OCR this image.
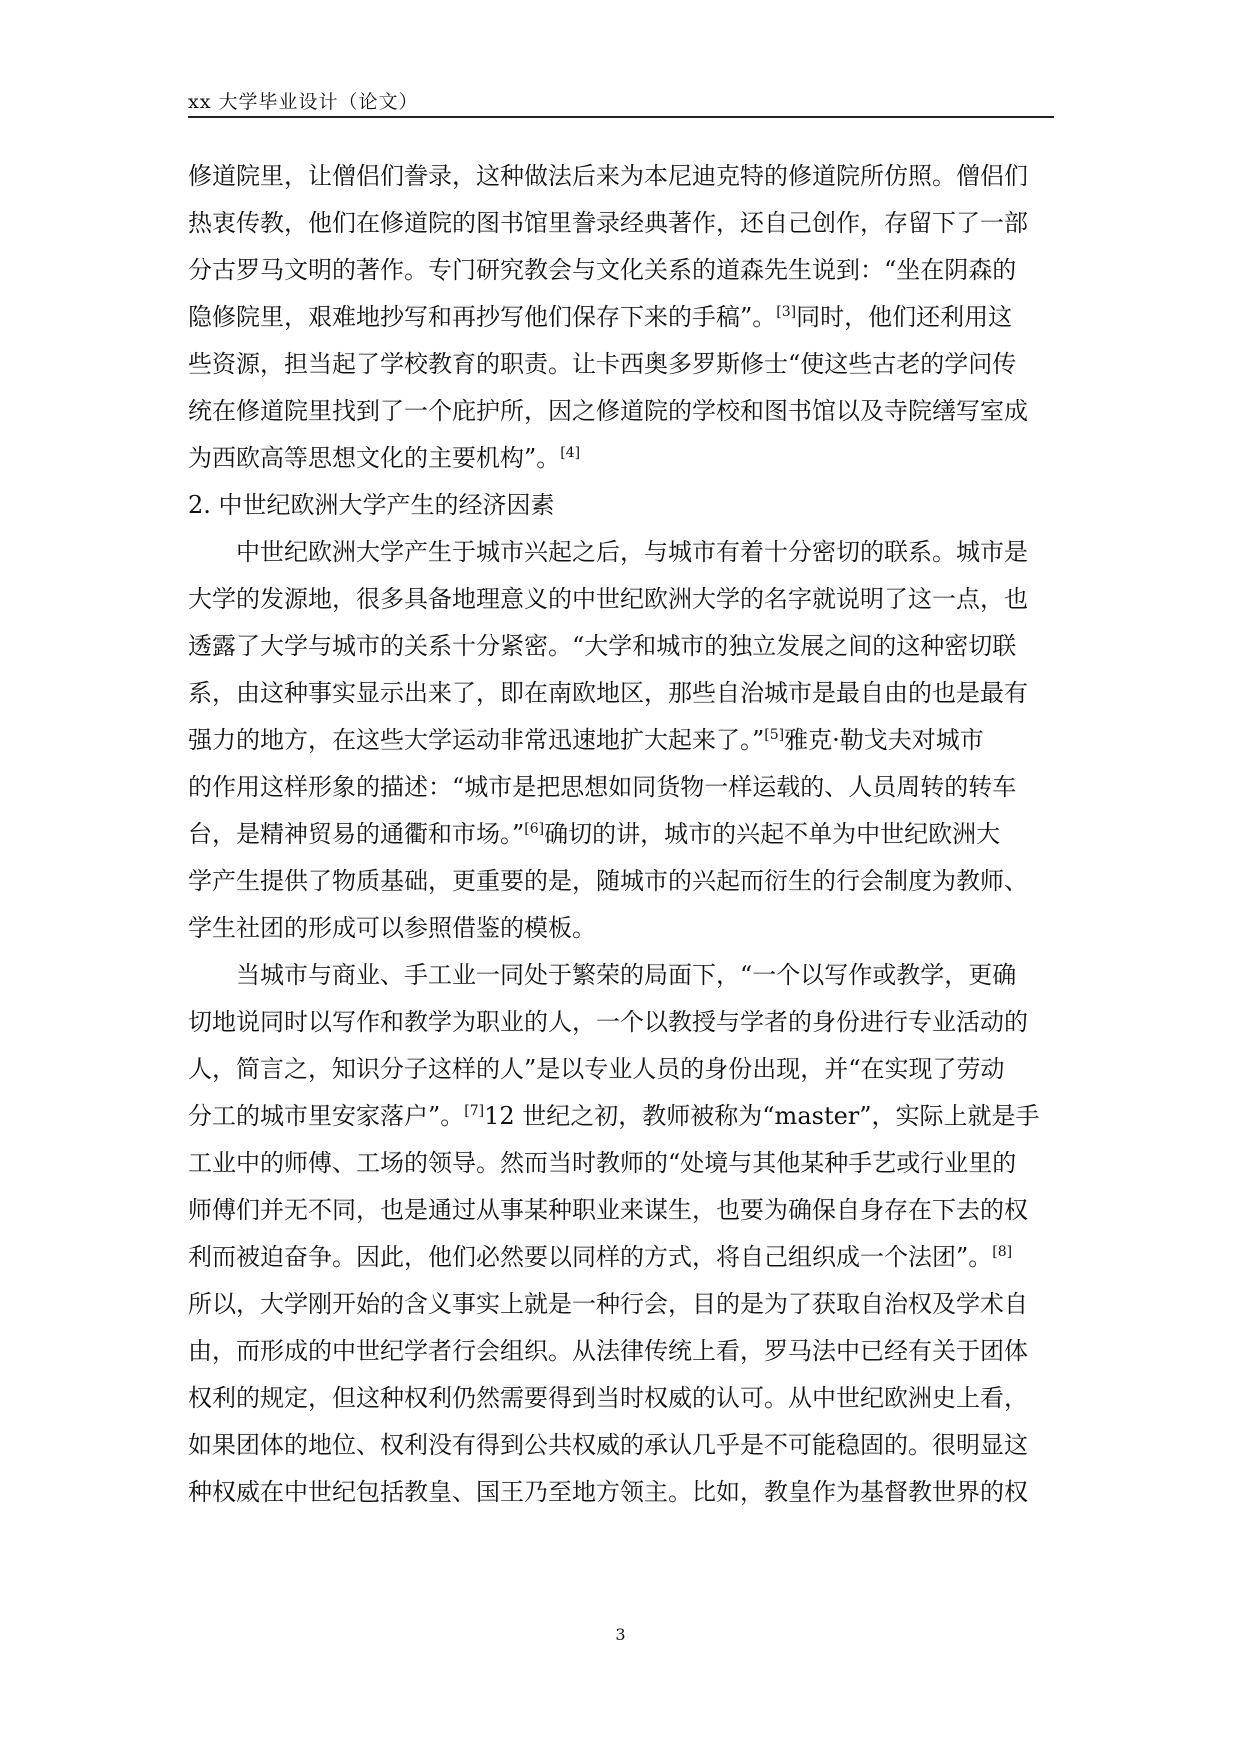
xx 大学毕业设计（论文）
修道院里，让僧侣们誊录，这种做法后来为本尼迪克特的修道院所仿照。僧侣们
热衷传教，他们在修道院的图书馆里誊录经典著作，还自己创作，存留下了一部
分古罗马文明的著作。专门研究教会与文化关系的道森先生说到：“坐在阴森的
隐修院里，艰难地抄写和再抄写他们保存下来的手稿”。[3]同时，他们还利用这
些资源，担当起了学校教育的职责。让卡西奥多罗斯修士“使这些古老的学问传
统在修道院里找到了一个庇护所，因之修道院的学校和图书馆以及寺院缮写室成
为西欧高等思想文化的主要机构”。[4]
2. 中世纪欧洲大学产生的经济因素
中世纪欧洲大学产生于城市兴起之后，与城市有着十分密切的联系。城市是
大学的发源地，很多具备地理意义的中世纪欧洲大学的名字就说明了这一点，也
透露了大学与城市的关系十分紧密。“大学和城市的独立发展之间的这种密切联
系，由这种事实显示出来了，即在南欧地区，那些自治城市是最自由的也是最有
强力的地方，在这些大学运动非常迅速地扩大起来了。”[5]雅克·勒戈夫对城市
的作用这样形象的描述：“城市是把思想如同货物一样运载的、人员周转的转车
台，是精神贸易的通衢和市场。”[6]确切的讲，城市的兴起不单为中世纪欧洲大
学产生提供了物质基础，更重要的是，随城市的兴起而衍生的行会制度为教师、
学生社团的形成可以参照借鉴的模板。
当城市与商业、手工业一同处于繁荣的局面下，“一个以写作或教学，更确
切地说同时以写作和教学为职业的人，一个以教授与学者的身份进行专业活动的
人，简言之，知识分子这样的人”是以专业人员的身份出现，并“在实现了劳动
分工的城市里安家落户”。[7]12 世纪之初，教师被称为“master”，实际上就是手
工业中的师傅、工场的领导。然而当时教师的“处境与其他某种手艺或行业里的
师傅们并无不同，也是通过从事某种职业来谋生，也要为确保自身存在下去的权
利而被迫奋争。因此，他们必然要以同样的方式，将自己组织成一个法团”。[8]
所以，大学刚开始的含义事实上就是一种行会，目的是为了获取自治权及学术自
由，而形成的中世纪学者行会组织。从法律传统上看，罗马法中已经有关于团体
权利的规定，但这种权利仍然需要得到当时权威的认可。从中世纪欧洲史上看，
如果团体的地位、权利没有得到公共权威的承认几乎是不可能稳固的。很明显这
种权威在中世纪包括教皇、国王乃至地方领主。比如，教皇作为基督教世界的权
3
